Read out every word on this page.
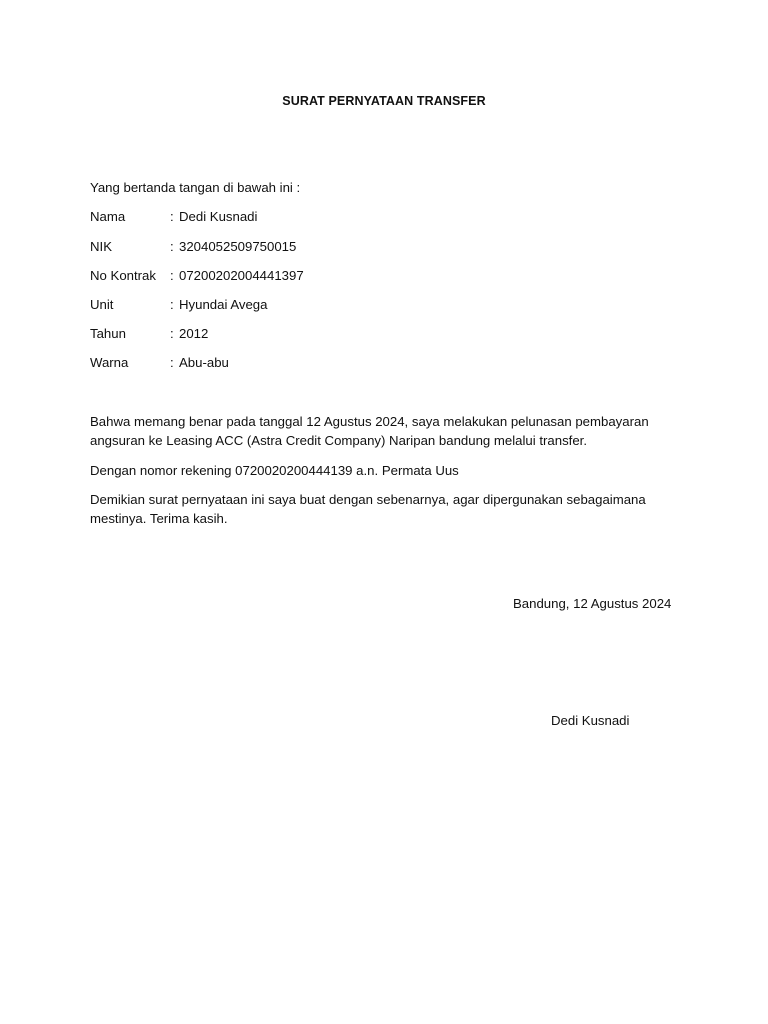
SURAT PERNYATAAN TRANSFER
Yang bertanda tangan di bawah ini :
Nama	: Dedi Kusnadi
NIK	: 3204052509750015
No Kontrak : 07200202004441397
Unit	: Hyundai Avega
Tahun	: 2012
Warna	: Abu-abu
Bahwa memang benar pada tanggal 12 Agustus 2024, saya melakukan pelunasan pembayaran angsuran ke Leasing ACC (Astra Credit Company) Naripan bandung melalui transfer.
Dengan nomor rekening 0720020200444139 a.n. Permata Uus
Demikian surat pernyataan ini saya buat dengan sebenarnya, agar dipergunakan sebagaimana mestinya. Terima kasih.
Bandung, 12 Agustus 2024
Dedi Kusnadi
